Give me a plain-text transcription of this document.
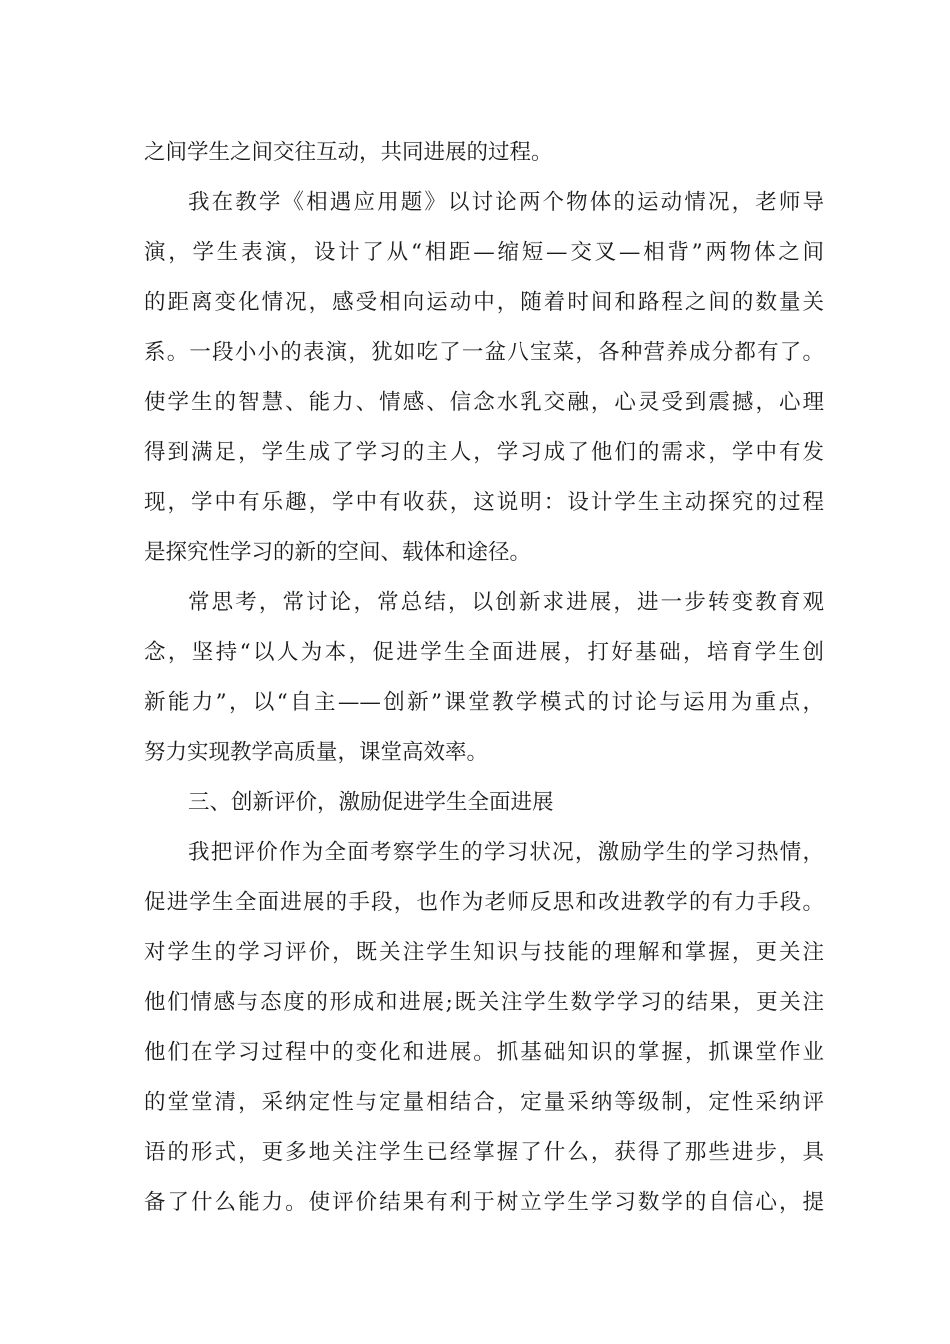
之间学生之间交往互动，共同进展的过程。
我在教学《相遇应用题》以讨论两个物体的运动情况，老师导
演，学生表演，设计了从“相距—缩短—交叉—相背”两物体之间
的距离变化情况，感受相向运动中，随着时间和路程之间的数量关
系。一段小小的表演，犹如吃了一盆八宝菜，各种营养成分都有了。
使学生的智慧、能力、情感、信念水乳交融，心灵受到震撼，心理
得到满足，学生成了学习的主人，学习成了他们的需求，学中有发
现，学中有乐趣，学中有收获，这说明：设计学生主动探究的过程
是探究性学习的新的空间、载体和途径。
常思考，常讨论，常总结，以创新求进展，进一步转变教育观
念，坚持“以人为本，促进学生全面进展，打好基础，培育学生创
新能力”，以“自主——创新”课堂教学模式的讨论与运用为重点，
努力实现教学高质量，课堂高效率。
三、创新评价，激励促进学生全面进展
我把评价作为全面考察学生的学习状况，激励学生的学习热情，
促进学生全面进展的手段，也作为老师反思和改进教学的有力手段。
对学生的学习评价，既关注学生知识与技能的理解和掌握，更关注
他们情感与态度的形成和进展;既关注学生数学学习的结果，更关注
他们在学习过程中的变化和进展。抓基础知识的掌握，抓课堂作业
的堂堂清，采纳定性与定量相结合，定量采纳等级制，定性采纳评
语的形式，更多地关注学生已经掌握了什么，获得了那些进步，具
备了什么能力。使评价结果有利于树立学生学习数学的自信心，提
